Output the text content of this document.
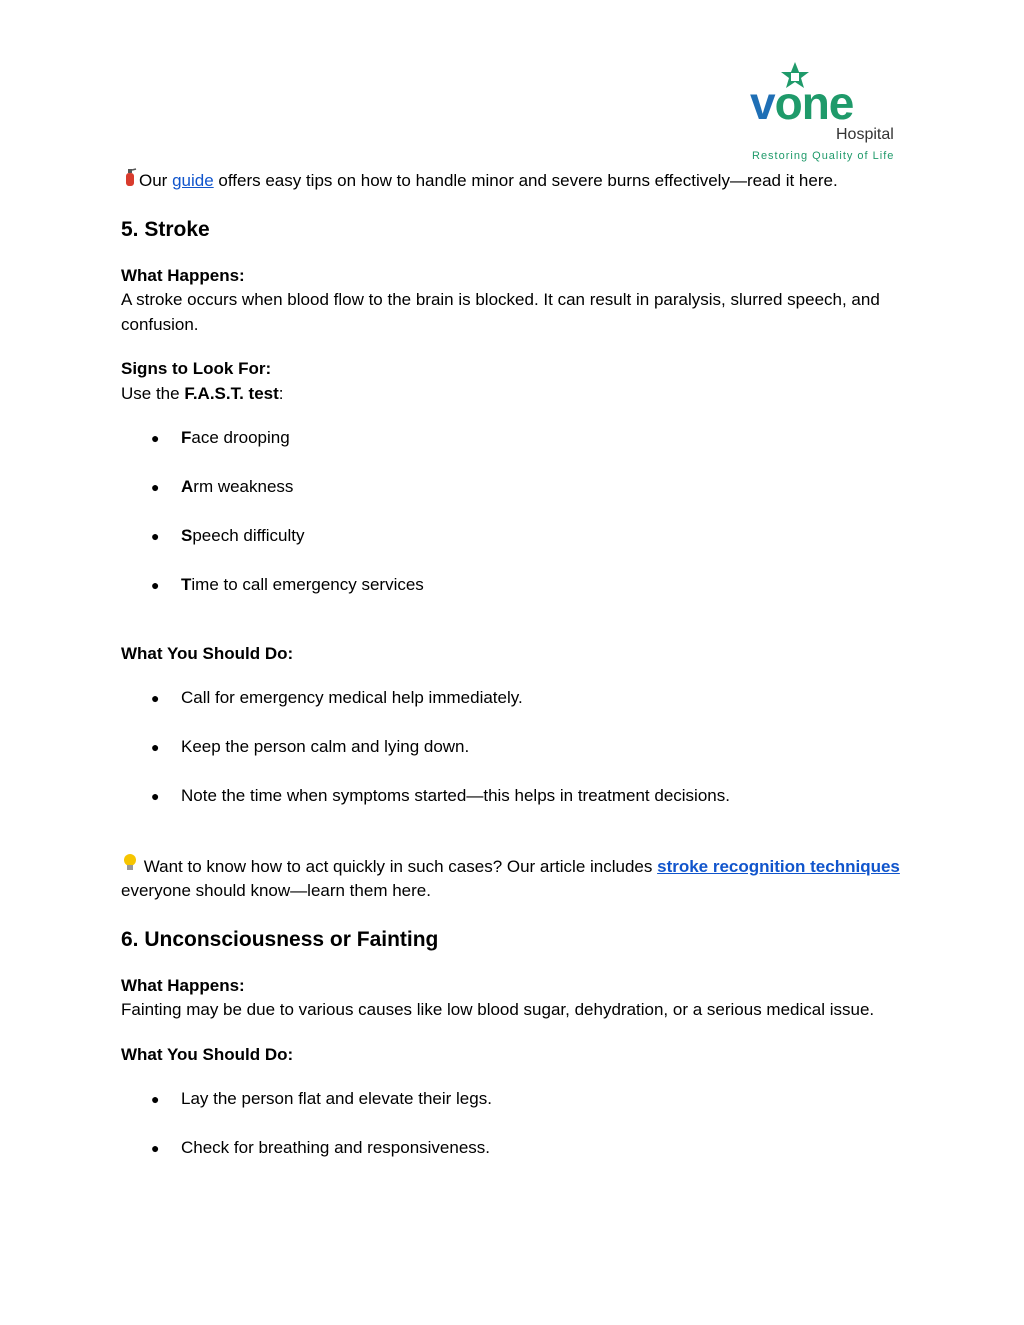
vone
Hospital
Restoring Quality of Life

Our guide offers easy tips on how to handle minor and severe burns effectively—read it here.

5. Stroke

What Happens:
A stroke occurs when blood flow to the brain is blocked. It can result in paralysis, slurred speech, and confusion.

Signs to Look For:
Use the F.A.S.T. test:

● Face drooping
● Arm weakness
● Speech difficulty
● Time to call emergency services

What You Should Do:

● Call for emergency medical help immediately.
● Keep the person calm and lying down.
● Note the time when symptoms started—this helps in treatment decisions.

Want to know how to act quickly in such cases? Our article includes stroke recognition techniques everyone should know—learn them here.

6. Unconsciousness or Fainting

What Happens:
Fainting may be due to various causes like low blood sugar, dehydration, or a serious medical issue.

What You Should Do:

● Lay the person flat and elevate their legs.
● Check for breathing and responsiveness.
